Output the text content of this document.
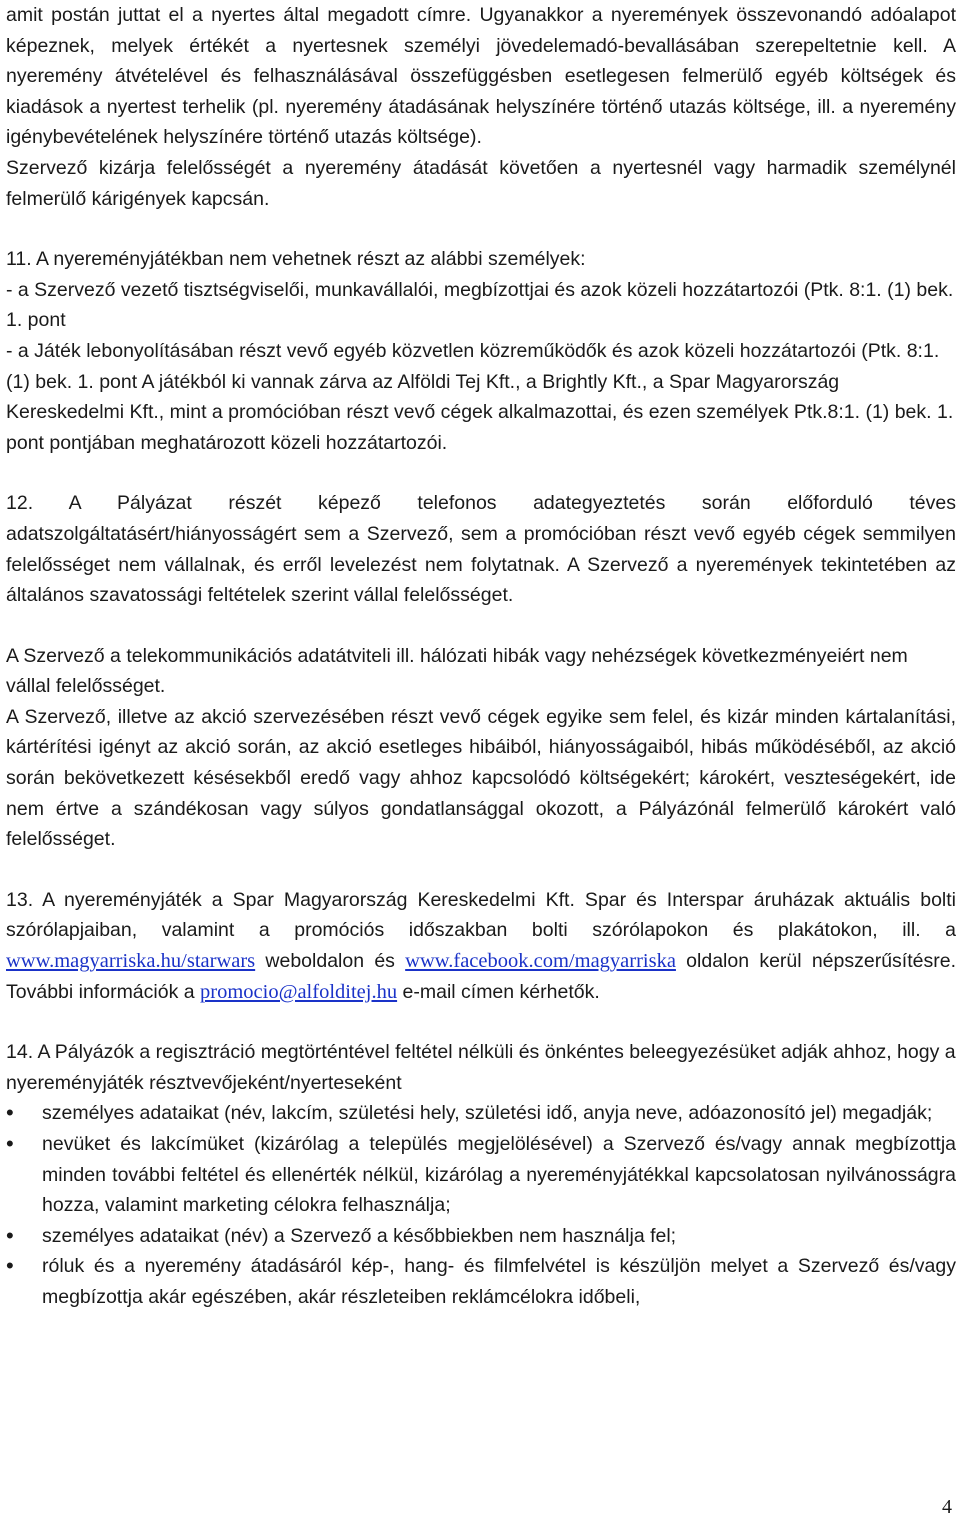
amit postán juttat el a nyertes által megadott címre. Ugyanakkor a nyeremények összevonandó adóalapot képeznek, melyek értékét a nyertesnek személyi jövedelemadó-bevallásában szerepeltetnie kell. A nyeremény átvételével és felhasználásával összefüggésben esetlegesen felmerülő egyéb költségek és kiadások a nyertest terhelik (pl. nyeremény átadásának helyszínére történő utazás költsége, ill. a nyeremény igénybevételének helyszínére történő utazás költsége).

Szervező kizárja felelősségét a nyeremény átadását követően a nyertesnél vagy harmadik személynél felmerülő kárigények kapcsán.

11. A nyereményjátékban nem vehetnek részt az alábbi személyek:

- a Szervező vezető tisztségviselői, munkavállalói, megbízottjai és azok közeli hozzátartozói (Ptk. 8:1. (1) bek. 1. pont

- a Játék lebonyolításában részt vevő egyéb közvetlen közreműködők és azok közeli hozzátartozói (Ptk. 8:1. (1) bek. 1. pont A játékból ki vannak zárva az Alföldi Tej Kft., a Brightly Kft., a Spar Magyarország Kereskedelmi Kft., mint a promócióban részt vevő cégek alkalmazottai, és ezen személyek Ptk.8:1. (1) bek. 1. pont pontjában meghatározott közeli hozzátartozói.

12. A Pályázat részét képező telefonos adategyeztetés során előforduló téves adatszolgáltatásért/hiányosságért sem a Szervező, sem a promócióban részt vevő egyéb cégek semmilyen felelősséget nem vállalnak, és erről levelezést nem folytatnak. A Szervező a nyeremények tekintetében az általános szavatossági feltételek szerint vállal felelősséget.

A Szervező a telekommunikációs adatátviteli ill. hálózati hibák vagy nehézségek következményeiért nem vállal felelősséget.

A Szervező, illetve az akció szervezésében részt vevő cégek egyike sem felel, és kizár minden kártalanítási, kártérítési igényt az akció során, az akció esetleges hibáiból, hiányosságaiból, hibás működéséből, az akció során bekövetkezett késésekből eredő vagy ahhoz kapcsolódó költségekért; károkért, veszteségekért, ide nem értve a szándékosan vagy súlyos gondatlansággal okozott, a Pályázónál felmerülő károkért való felelősséget.

13. A nyereményjáték a Spar Magyarország Kereskedelmi Kft. Spar és Interspar áruházak aktuális bolti szórólapjaiban, valamint a promóciós időszakban bolti szórólapokon és plakátokon, ill. a www.magyarriska.hu/starwars weboldalon és www.facebook.com/magyarriska oldalon kerül népszerűsítésre. További információk a promocio@alfolditej.hu e-mail címen kérhetők.

14. A Pályázók a regisztráció megtörténtével feltétel nélküli és önkéntes beleegyezésüket adják ahhoz, hogy a nyereményjáték résztvevőjeként/nyerteseként

• személyes adataikat (név, lakcím, születési hely, születési idő, anyja neve, adóazonosító jel) megadják;
• nevüket és lakcímüket (kizárólag a település megjelölésével) a Szervező és/vagy annak megbízottja minden további feltétel és ellenérték nélkül, kizárólag a nyereményjátékkal kapcsolatosan nyilvánosságra hozza, valamint marketing célokra felhasználja;
• személyes adataikat (név) a Szervező a későbbiekben nem használja fel;
• róluk és a nyeremény átadásáról kép-, hang- és filmfelvétel is készüljön melyet a Szervező és/vagy megbízottja akár egészében, akár részleteiben reklámcélokra időbeli,
4
